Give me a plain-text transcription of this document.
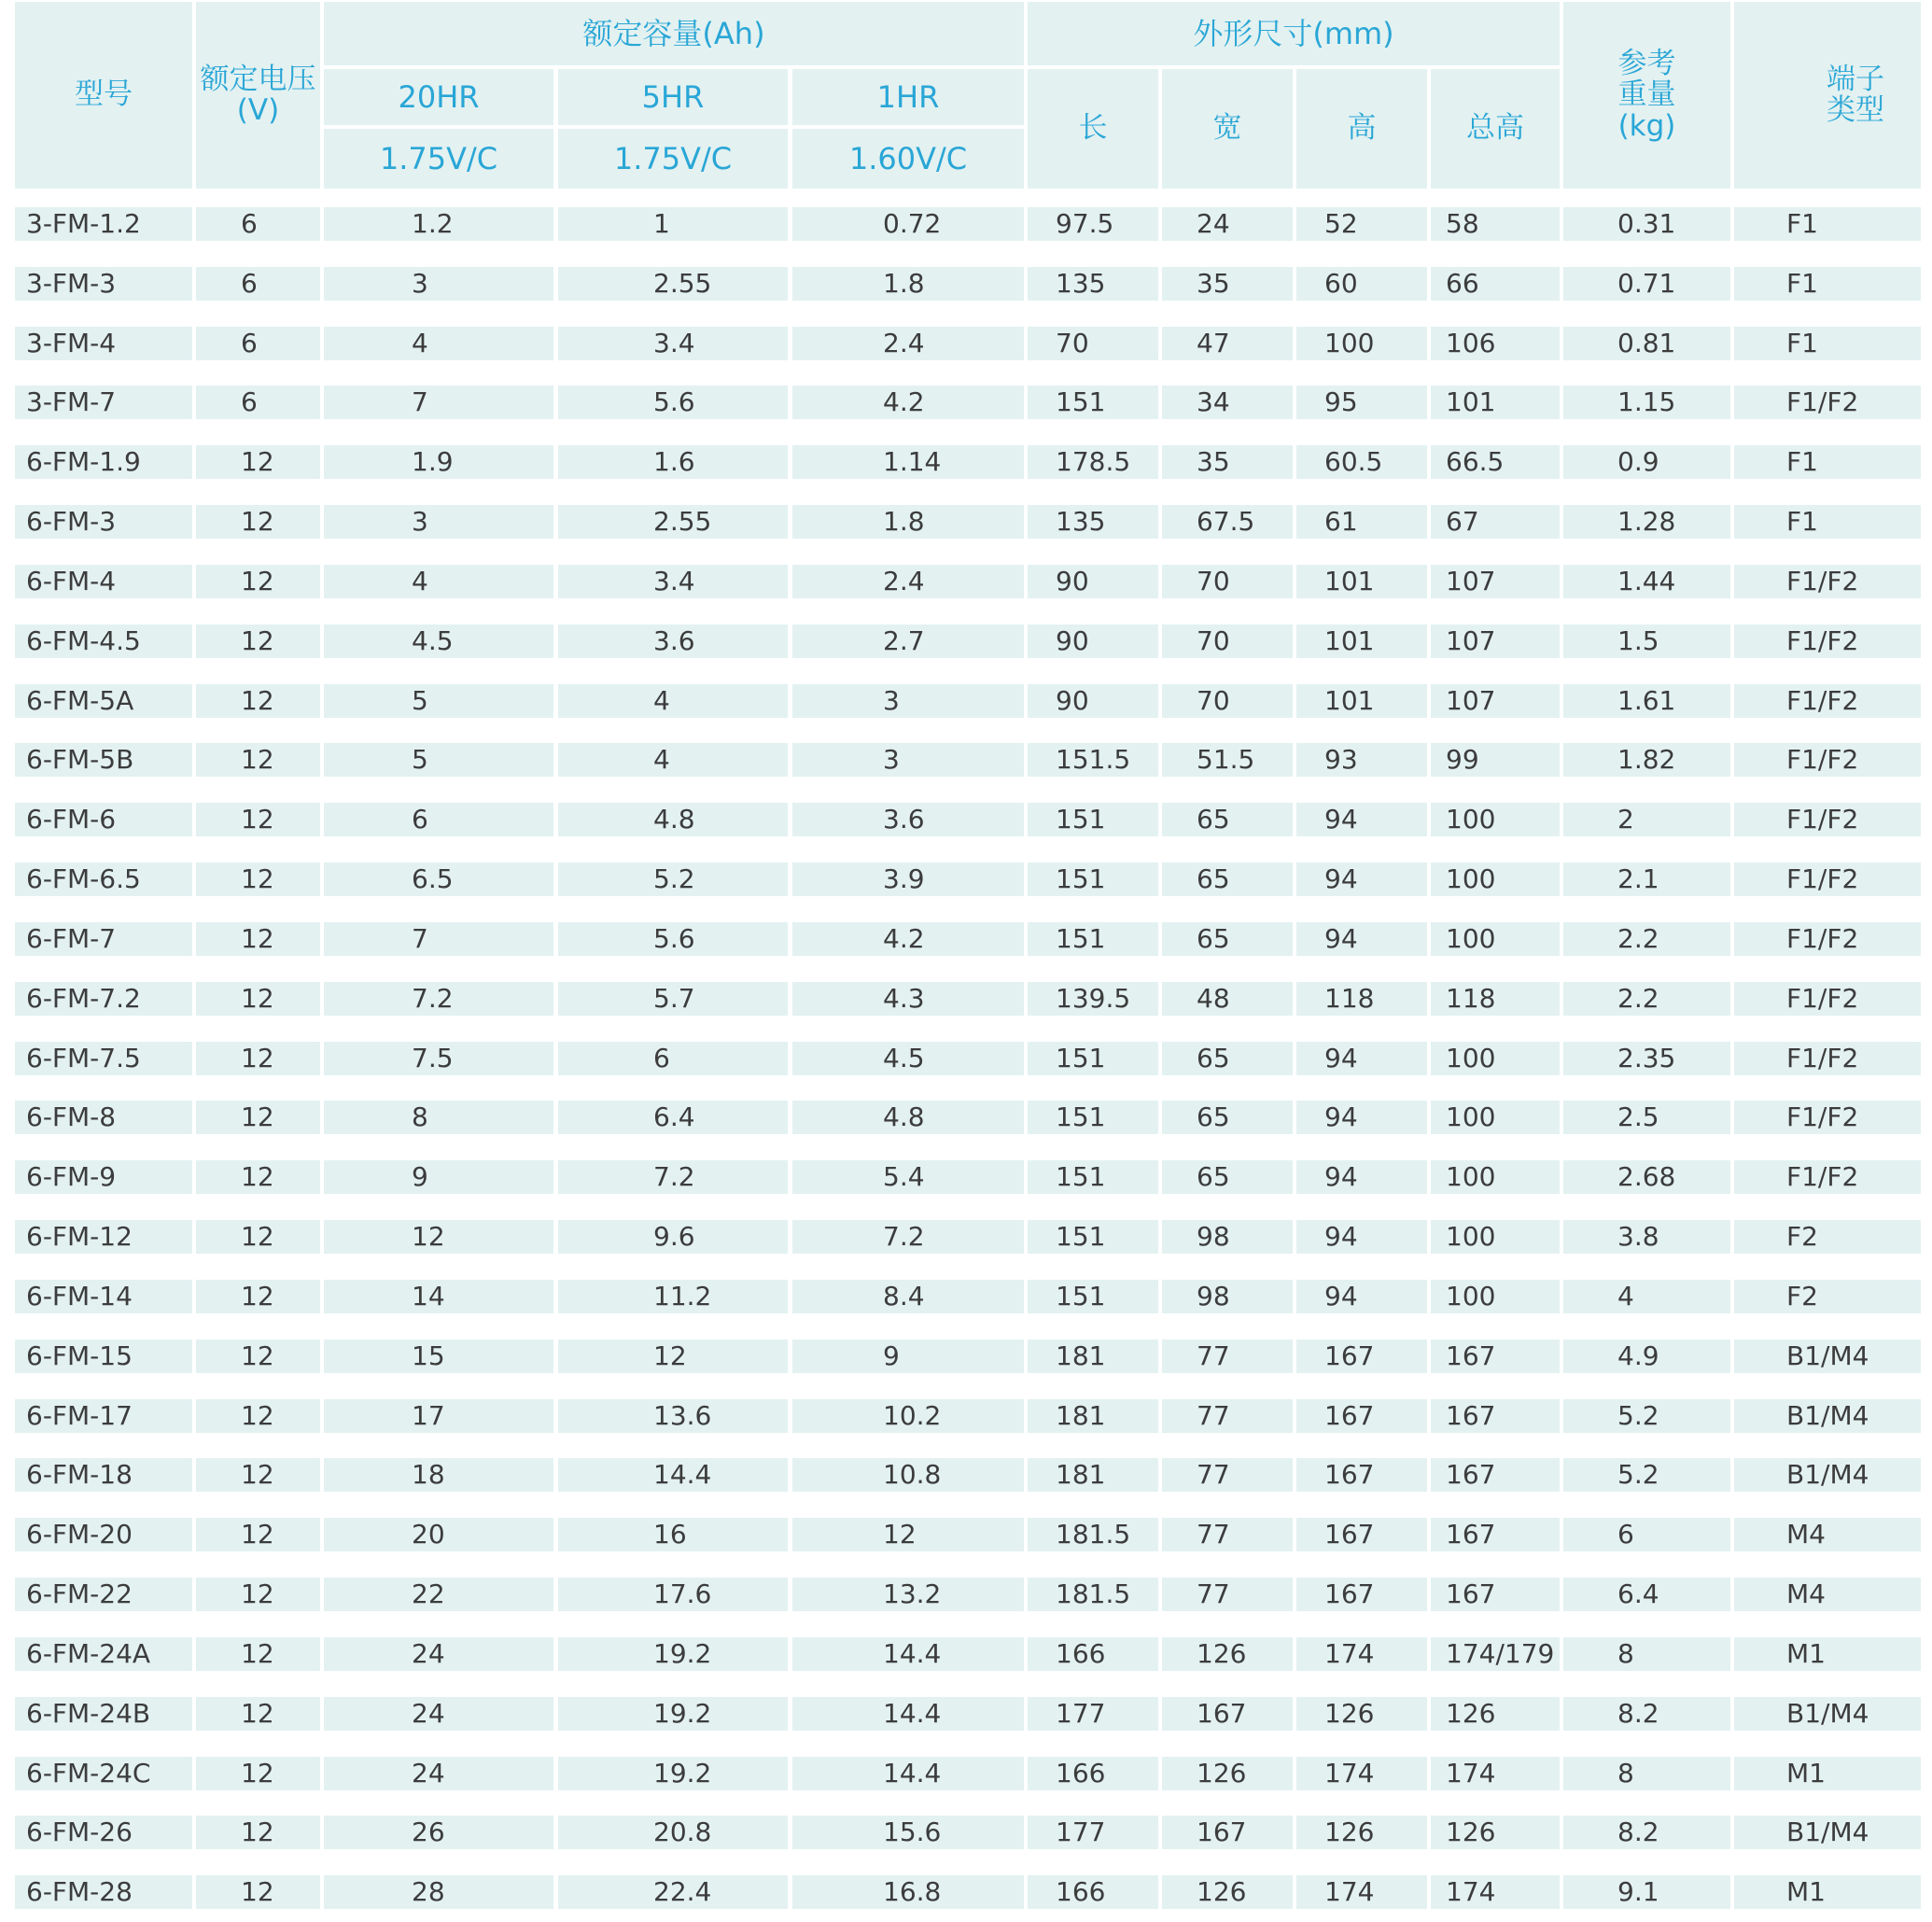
型号 额定电压
(V)
额定容量(Ah)
20HR	5HR	1HR
1.75V/C	1.75V/C	1.60V/C
外形尺寸(mm)
长	宽	高	总高
参考
重量
(kg)
端子
类型
3-FM-1.2	6	1.2	1	0.72	97.5	24	52	58	0.31	F1
3-FM-3	6	3	2.55	1.8	135	35	60	66	0.71	F1
3-FM-4	6	4	3.4	2.4	70	47	100	106	0.81	F1
3-FM-7	6	7	5.6	4.2	151	34	95	101	1.15	F1/F2
6-FM-1.9	12	1.9	1.6	1.14	178.5	35	60.5	66.5	0.9	F1
6-FM-3	12	3	2.55	1.8	135	67.5	61	67	1.28	F1
6-FM-4	12	4	3.4	2.4	90	70	101	107	1.44	F1/F2
6-FM-4.5	12	4.5	3.6	2.7	90	70	101	107	1.5	F1/F2
6-FM-5A	12	5	4	3	90	70	101	107	1.61	F1/F2
6-FM-5B	12	5	4	3	151.5	51.5	93	99	1.82	F1/F2
6-FM-6	12	6	4.8	3.6	151	65	94	100	2	F1/F2
6-FM-6.5	12	6.5	5.2	3.9	151	65	94	100	2.1	F1/F2
6-FM-7	12	7	5.6	4.2	151	65	94	100	2.2	F1/F2
6-FM-7.2	12	7.2	5.7	4.3	139.5	48	118	118	2.2	F1/F2
6-FM-7.5	12	7.5	6	4.5	151	65	94	100	2.35	F1/F2
6-FM-8	12	8	6.4	4.8	151	65	94	100	2.5	F1/F2
6-FM-9	12	9	7.2	5.4	151	65	94	100	2.68	F1/F2
6-FM-12	12	12	9.6	7.2	151	98	94	100	3.8	F2
6-FM-14	12	14	11.2	8.4	151	98	94	100	4	F2
6-FM-15	12	15	12	9	181	77	167	167	4.9	B1/M4
6-FM-17	12	17	13.6	10.2	181	77	167	167	5.2	B1/M4
6-FM-18	12	18	14.4	10.8	181	77	167	167	5.2	B1/M4
6-FM-20	12	20	16	12	181.5	77	167	167	6	M4
6-FM-22	12	22	17.6	13.2	181.5	77	167	167	6.4	M4
6-FM-24A	12	24	19.2	14.4	166	126	174	174/179	8	M1
6-FM-24B	12	24	19.2	14.4	177	167	126	126	8.2	B1/M4
6-FM-24C	12	24	19.2	14.4	166	126	174	174	8	M1
6-FM-26	12	26	20.8	15.6	177	167	126	126	8.2	B1/M4
6-FM-28	12	28	22.4	16.8	166	126	174	174	9.1	M1
